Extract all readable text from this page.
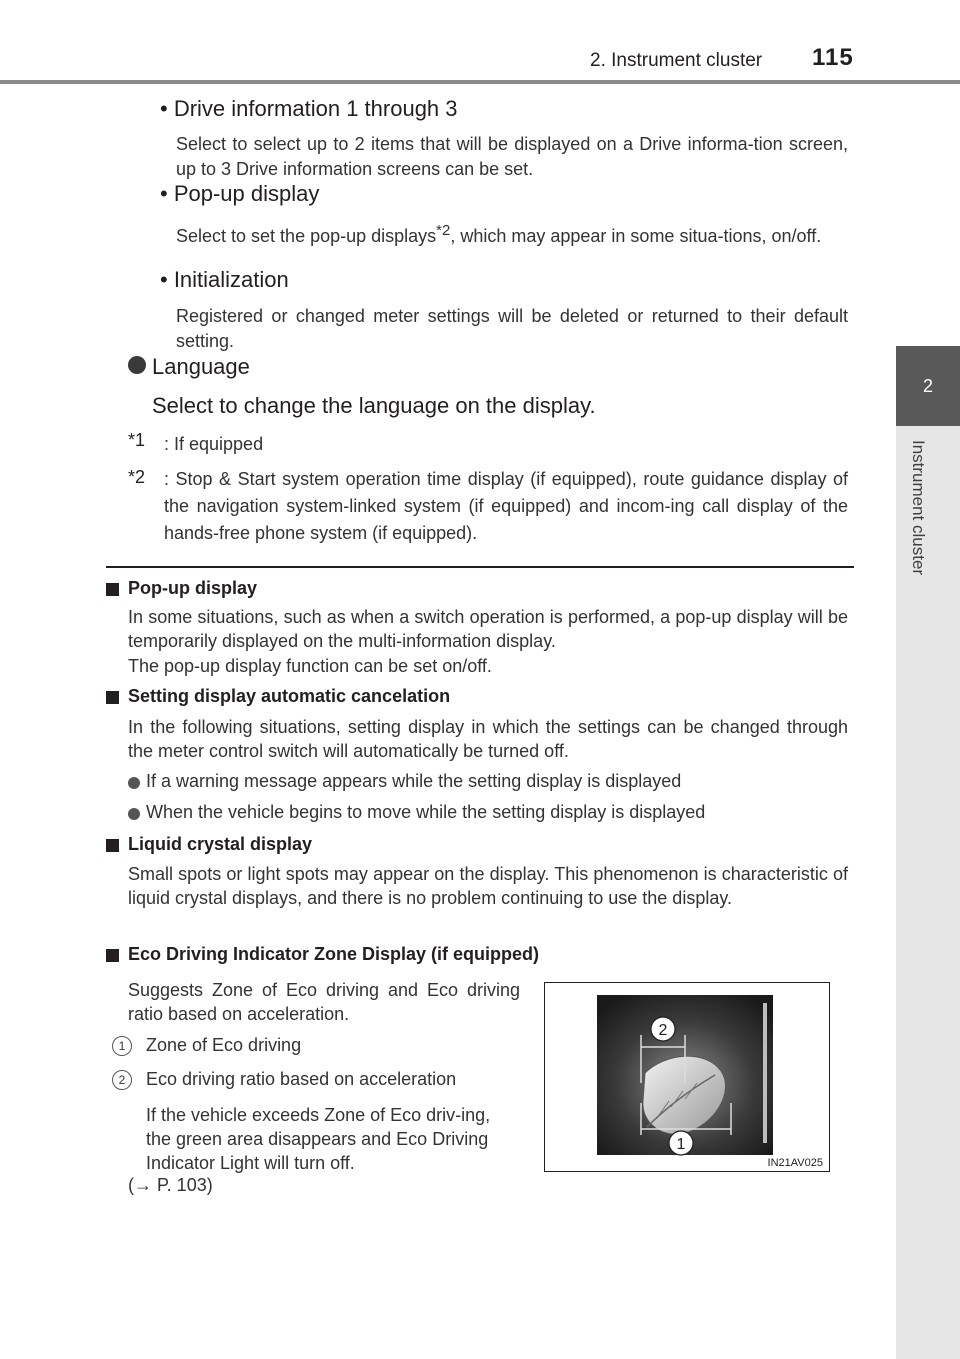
2. Instrument cluster 115
2
Instrument cluster
• Drive information 1 through 3
Select to select up to 2 items that will be displayed on a Drive informa-tion screen, up to 3 Drive information screens can be set.
• Pop-up display
Select to set the pop-up displays$^{*2}$, which may appear in some situa-tions, on/off.
• Initialization
Registered or changed meter settings will be deleted or returned to their default setting.
Language
Select to change the language on the display.
*1 : If equipped
*2 : Stop & Start system operation time display (if equipped), route guidance display of the navigation system-linked system (if equipped) and incom-ing call display of the hands-free phone system (if equipped).
Pop-up display
In some situations, such as when a switch operation is performed, a pop-up display will be temporarily displayed on the multi-information display.
The pop-up display function can be set on/off.
Setting display automatic cancelation
In the following situations, setting display in which the settings can be changed through the meter control switch will automatically be turned off.
If a warning message appears while the setting display is displayed
When the vehicle begins to move while the setting display is displayed
Liquid crystal display
Small spots or light spots may appear on the display. This phenomenon is characteristic of liquid crystal displays, and there is no problem continuing to use the display.
Eco Driving Indicator Zone Display (if equipped)
Suggests Zone of Eco driving and Eco driving ratio based on acceleration.
1	Zone of Eco driving
2	Eco driving ratio based on acceleration
If the vehicle exceeds Zone of Eco driv-ing, the green area disappears and Eco Driving Indicator Light will turn off.
(→ P. 103)
2
1
IN21AV025
